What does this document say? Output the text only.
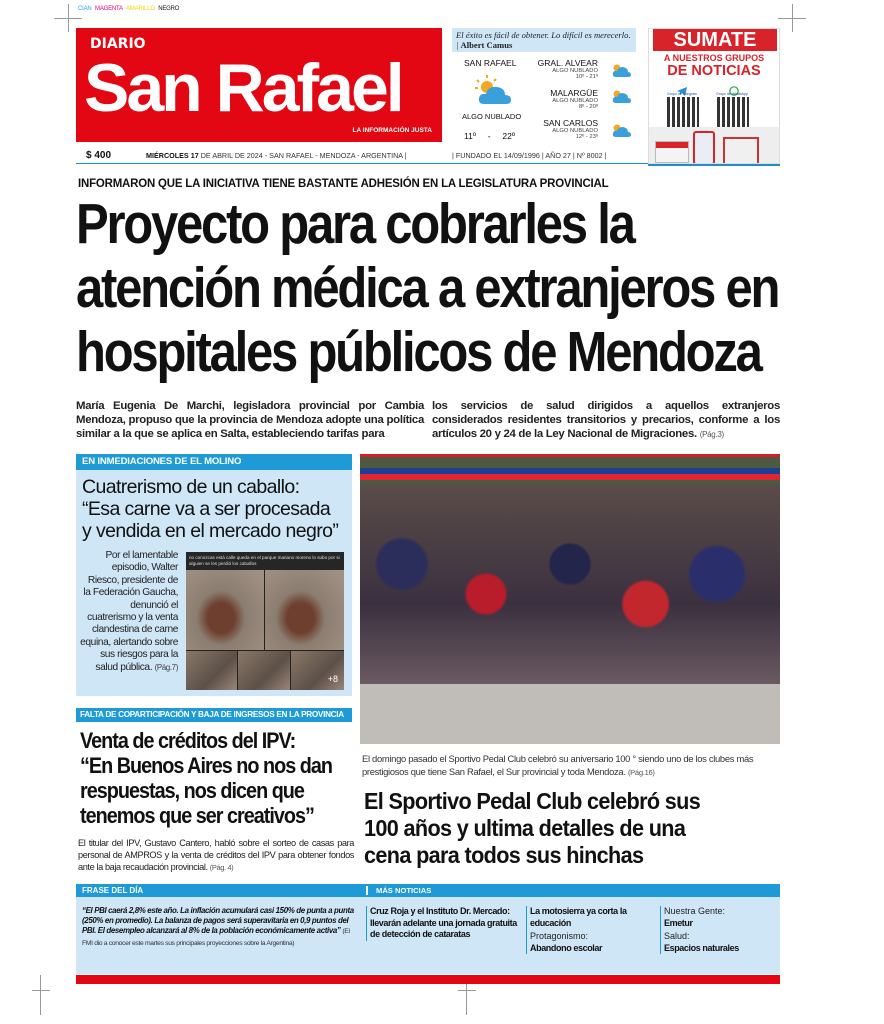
CIAN MAGENTA AMARILLO NEGRO
DIARIO
San Rafael
LA INFORMACIÓN JUSTA
$ 400	MIÉRCOLES 17 DE ABRIL DE 2024 - SAN RAFAEL - MENDOZA - ARGENTINA |	| FUNDADO EL 14/09/1996 | AÑO 27 | Nº 8002 |
El éxito es fácil de obtener. Lo difícil es merecerlo. | Albert Camus
SAN RAFAEL
ALGO NUBLADO
11º - 22º
GRAL. ALVEAR
ALGO NUBLADO
10º - 21º
MALARGÜE
ALGO NUBLADO
8º - 20º
SAN CARLOS
ALGO NUBLADO
12º - 23º
SUMATE
A NUESTROS GRUPOS
DE NOTICIAS
Grupo de Telegram	Grupo de WhatsApp
INFORMARON QUE LA INICIATIVA TIENE BASTANTE ADHESIÓN EN LA LEGISLATURA PROVINCIAL
Proyecto para cobrarles la
atención médica a extranjeros en
hospitales públicos de Mendoza
María Eugenia De Marchi, legisladora provincial por Cambia Mendoza, propuso que la provincia de Mendoza adopte una política similar a la que se aplica en Salta, estableciendo tarifas para
los servicios de salud dirigidos a aquellos extranjeros considerados residentes transitorios y precarios, conforme a los artículos 20 y 24 de la Ley Nacional de Migraciones. (Pág.3)
EN INMEDIACIONES DE EL MOLINO
Cuatrerismo de un caballo:
“Esa carne va a ser procesada
y vendida en el mercado negro”
Por el lamentable episodio, Walter Riesco, presidente de la Federación Gaucha, denunció el cuatrerismo y la venta clandestina de carne equina, alertando sobre sus riesgos para la salud pública. (Pág.7)
no conozcas está calle queda en el parque mariano moreno lo subo por si alguien se les perdió los caballos
+8
FALTA DE COPARTICIPACIÓN Y BAJA DE INGRESOS EN LA PROVINCIA
Venta de créditos del IPV:
“En Buenos Aires no nos dan
respuestas, nos dicen que
tenemos que ser creativos”
El titular del IPV, Gustavo Cantero, habló sobre el sorteo de casas para personal de AMPROS y la venta de créditos del IPV para obtener fondos ante la baja recaudación provincial. (Pág. 4)
El domingo pasado el Sportivo Pedal Club celebró su aniversario 100 ° siendo uno de los clubes más prestigiosos que tiene San Rafael, el Sur provincial y toda Mendoza. (Pág.16)
El Sportivo Pedal Club celebró sus
100 años y ultima detalles de una
cena para todos sus hinchas
FRASE DEL DÍA	MÁS NOTICIAS
“El PBI caerá 2,8% este año. La inflación acumulará casi 150% de punta a punta (250% en promedio). La balanza de pagos será superavitaria en 0,9 puntos del PBI. El desempleo alcanzará al 8% de la población económicamente activa” (El FMI dio a conocer este martes sus principales proyecciones sobre la Argentina)
Cruz Roja y el Instituto Dr. Mercado: llevarán adelante una jornada gratuita de detección de cataratas
La motosierra ya corta la educación
Protagonismo:
Abandono escolar
Nuestra Gente:
Emetur
Salud:
Espacios naturales
